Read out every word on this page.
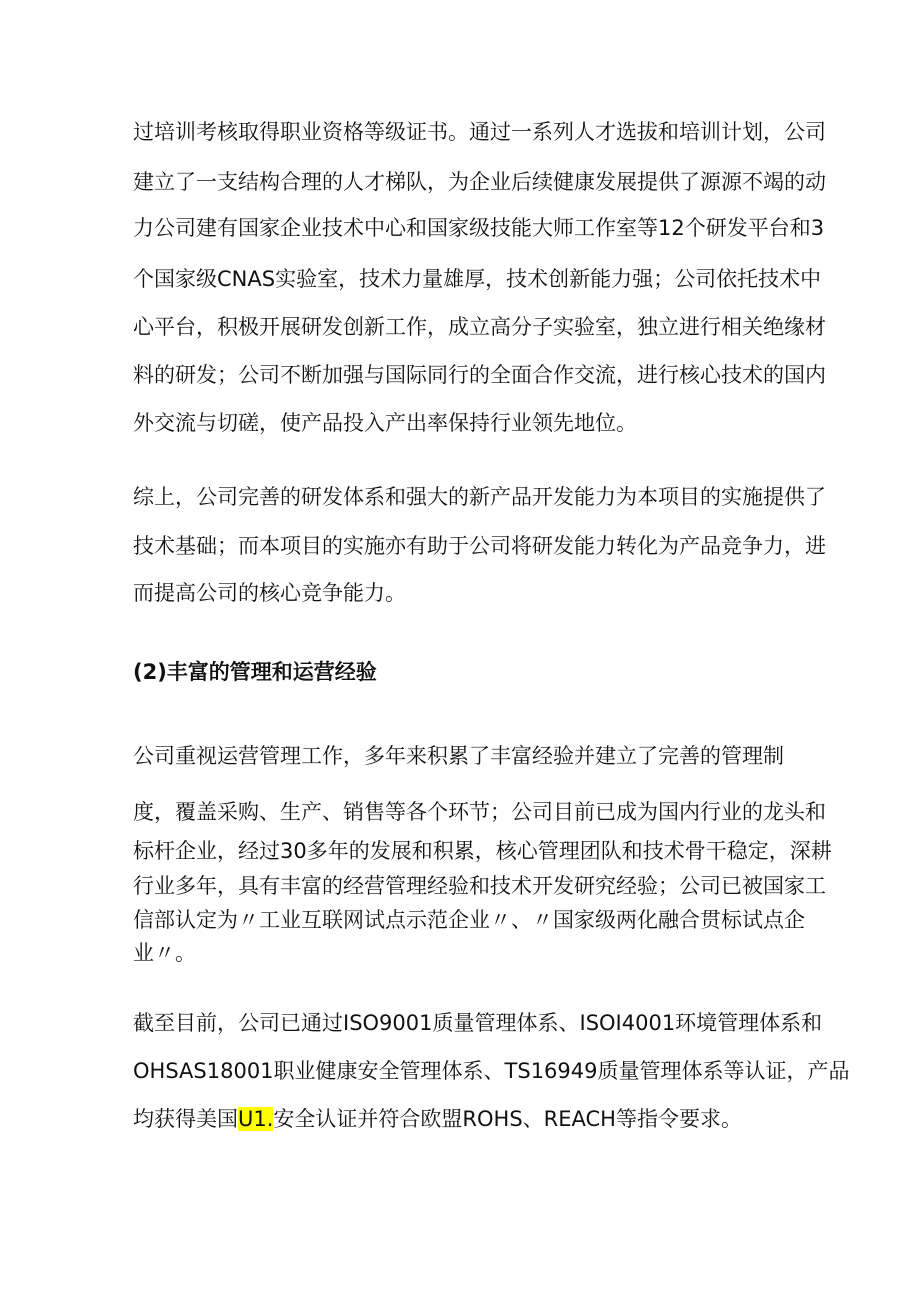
过培训考核取得职业资格等级证书。通过一系列人才选拔和培训计划，公司
建立了一支结构合理的人才梯队，为企业后续健康发展提供了源源不竭的动
力公司建有国家企业技术中心和国家级技能大师工作室等12个研发平台和3
个国家级CNAS实验室，技术力量雄厚，技术创新能力强；公司依托技术中
心平台，积极开展研发创新工作，成立高分子实验室，独立进行相关绝缘材
料的研发；公司不断加强与国际同行的全面合作交流，进行核心技术的国内
外交流与切磋，使产品投入产出率保持行业领先地位。
综上，公司完善的研发体系和强大的新产品开发能力为本项目的实施提供了
技术基础；而本项目的实施亦有助于公司将研发能力转化为产品竞争力，进
而提高公司的核心竞争能力。
(2)丰富的管理和运营经验
公司重视运营管理工作，多年来积累了丰富经验并建立了完善的管理制
度，覆盖采购、生产、销售等各个环节；公司目前已成为国内行业的龙头和
标杆企业，经过30多年的发展和积累，核心管理团队和技术骨干稳定，深耕
行业多年，具有丰富的经营管理经验和技术开发研究经验；公司已被国家工
信部认定为〃工业互联网试点示范企业〃、〃国家级两化融合贯标试点企
业〃。
截至目前，公司已通过ISO9001质量管理体系、ISOI4001环境管理体系和
OHSAS18001职业健康安全管理体系、TS16949质量管理体系等认证，产品
均获得美国U1.安全认证并符合欧盟ROHS、REACH等指令要求。
